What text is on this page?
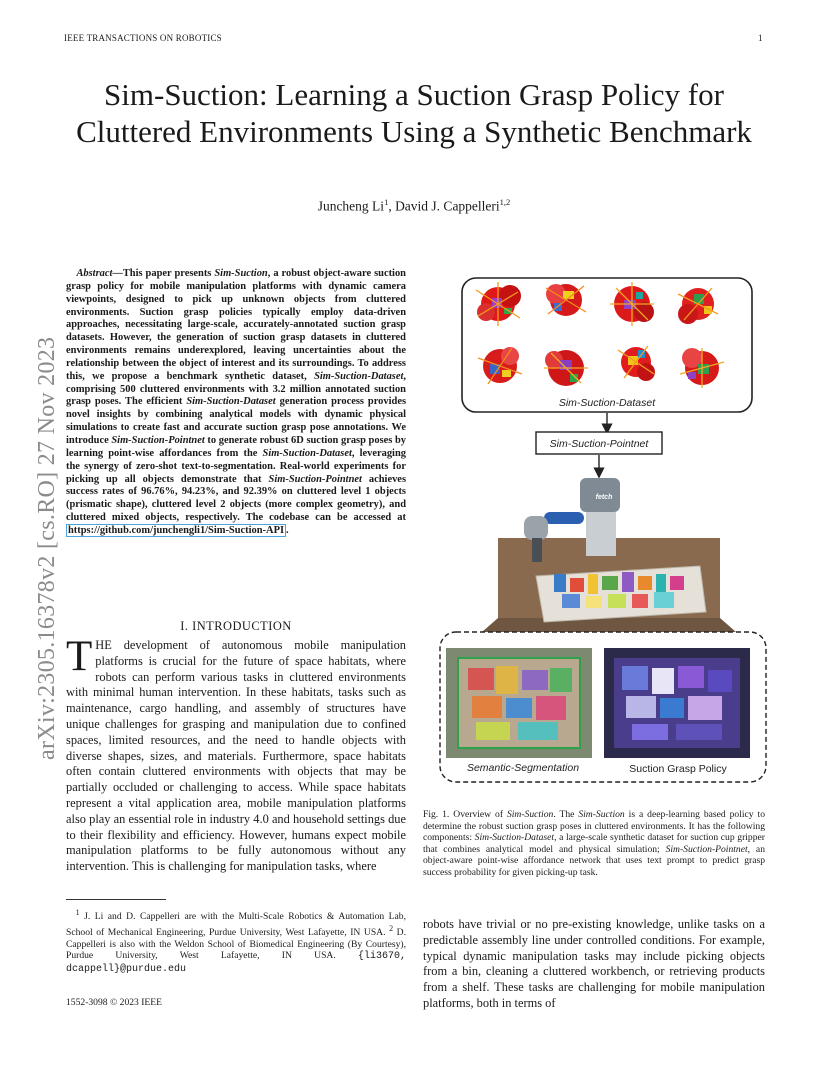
IEEE TRANSACTIONS ON ROBOTICS	1
arXiv:2305.16378v2 [cs.RO] 27 Nov 2023
Sim-Suction: Learning a Suction Grasp Policy for Cluttered Environments Using a Synthetic Benchmark
Juncheng Li$^1$, David J. Cappelleri$^{1,2}$
 Abstract—This paper presents Sim-Suction, a robust object-aware suction grasp policy for mobile manipulation platforms with dynamic camera viewpoints, designed to pick up unknown objects from cluttered environments. Suction grasp policies typically employ data-driven approaches, necessitating large-scale, accurately-annotated suction grasp datasets. However, the generation of suction grasp datasets in cluttered environments remains underexplored, leaving uncertainties about the relationship between the object of interest and its surroundings. To address this, we propose a benchmark synthetic dataset, Sim-Suction-Dataset, comprising 500 cluttered environments with 3.2 million annotated suction grasp poses. The efficient Sim-Suction-Dataset generation process provides novel insights by combining analytical models with dynamic physical simulations to create fast and accurate suction grasp pose annotations. We introduce Sim-Suction-Pointnet to generate robust 6D suction grasp poses by learning point-wise affordances from the Sim-Suction-Dataset, leveraging the synergy of zero-shot text-to-segmentation. Real-world experiments for picking up all objects demonstrate that Sim-Suction-Pointnet achieves success rates of 96.76%, 94.23%, and 92.39% on cluttered level 1 objects (prismatic shape), cluttered level 2 objects (more complex geometry), and cluttered mixed objects, respectively. The codebase can be accessed at https://github.com/junchengli1/Sim-Suction-API .
I. INTRODUCTION
THE development of autonomous mobile manipulation platforms is crucial for the future of space habitats, where robots can perform various tasks in cluttered environments with minimal human intervention. In these habitats, tasks such as maintenance, cargo handling, and assembly of structures have unique challenges for grasping and manipulation due to confined spaces, limited resources, and the need to handle objects with diverse shapes, sizes, and materials. Furthermore, space habitats often contain cluttered environments with objects that may be partially occluded or challenging to access. While space habitats represent a vital application area, mobile manipulation platforms also play an essential role in industry 4.0 and household settings due to their flexibility and efficiency. However, humans expect mobile manipulation platforms to be fully autonomous without any intervention. This is challenging for manipulation tasks, where
 $^1$ J. Li and D. Cappelleri are with the Multi-Scale Robotics & Automation Lab, School of Mechanical Engineering, Purdue University, West Lafayette, IN USA. $^2$ D. Cappelleri is also with the Weldon School of Biomedical Engineering (By Courtesy), Purdue University, West Lafayette, IN USA. {li3670, dcappell}@purdue.edu
1552-3098 © 2023 IEEE
Sim-Suction-Dataset
Sim-Suction-Pointnet
fetch
Semantic-Segmentation	Suction Grasp Policy
Fig. 1. Overview of Sim-Suction. The Sim-Suction is a deep-learning based policy to determine the robust suction grasp poses in cluttered environments. It has the following components: Sim-Suction-Dataset, a large-scale synthetic dataset for suction cup gripper that combines analytical model and physical simulation; Sim-Suction-Pointnet, an object-aware point-wise affordance network that uses text prompt to predict grasp success probability for given picking-up task.
robots have trivial or no pre-existing knowledge, unlike tasks on a predictable assembly line under controlled conditions. For example, typical dynamic manipulation tasks may include picking objects from a bin, cleaning a cluttered workbench, or retrieving products from a shelf. These tasks are challenging for mobile manipulation platforms, both in terms of
